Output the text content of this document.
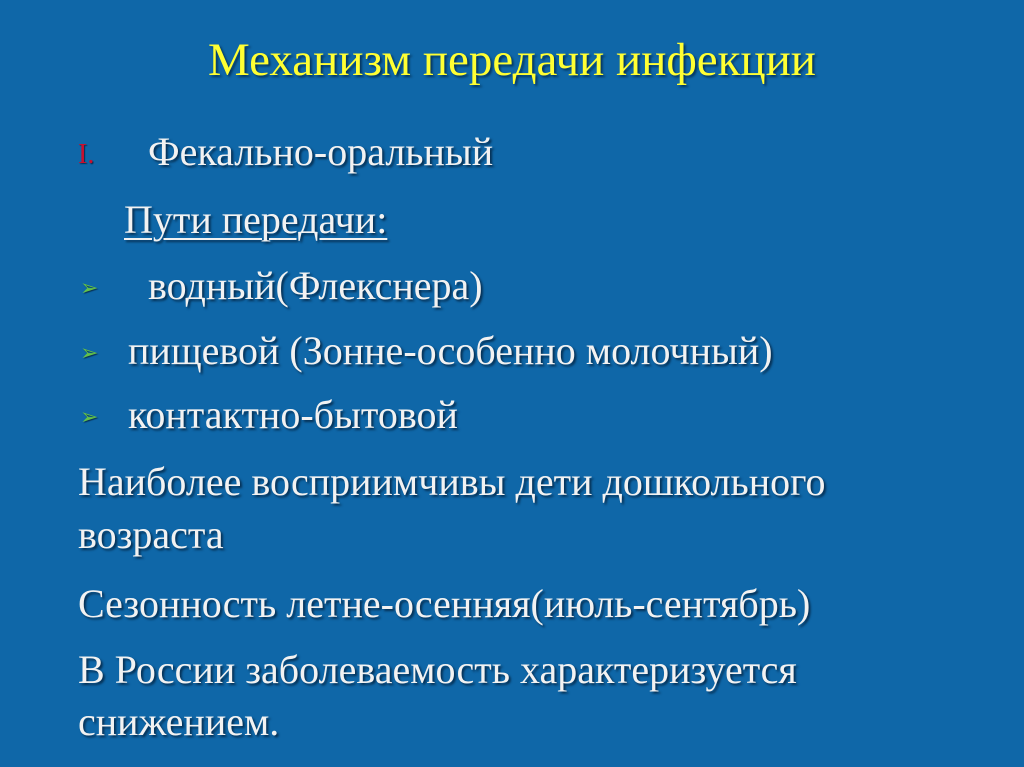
Механизм передачи инфекции
I. Фекально-оральный
Пути передачи:
➢ водный(Флекснера)
➢ пищевой (Зонне-особенно молочный)
➢ контактно-бытовой
Наиболее восприимчивы дети дошкольного
возраста
Сезонность летне-осенняя(июль-сентябрь)
В России заболеваемость характеризуется
снижением.
